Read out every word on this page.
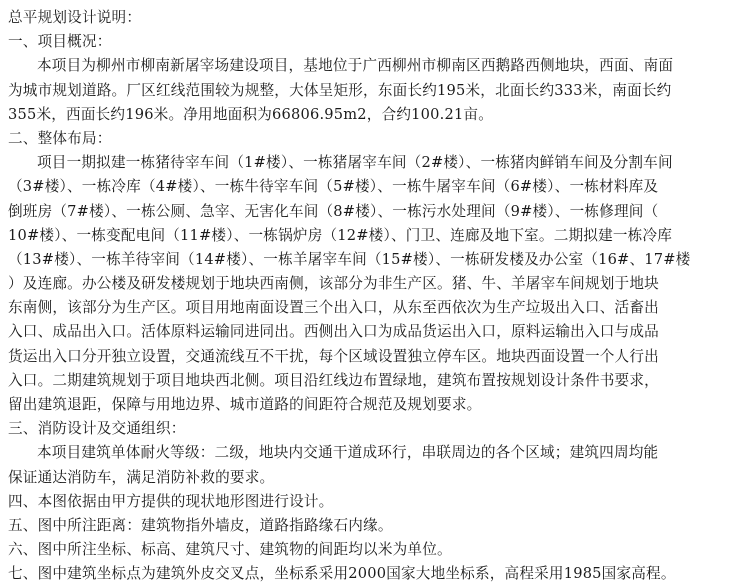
总平规划设计说明：
一、项目概况：
本项目为柳州市柳南新屠宰场建设项目，基地位于广西柳州市柳南区西鹅路西侧地块，西面、南面
为城市规划道路。厂区红线范围较为规整，大体呈矩形，东面长约195米，北面长约333米，南面长约
355米，西面长约196米。净用地面积为66806.95m2，合约100.21亩。
二、整体布局：
项目一期拟建一栋猪待宰车间（1#楼）、一栋猪屠宰车间（2#楼）、一栋猪肉鲜销车间及分割车间
（3#楼）、一栋冷库（4#楼）、一栋牛待宰车间（5#楼）、一栋牛屠宰车间（6#楼）、一栋材料库及
倒班房（7#楼）、一栋公厕、急宰、无害化车间（8#楼）、一栋污水处理间（9#楼）、一栋修理间（
10#楼）、一栋变配电间（11#楼）、一栋锅炉房（12#楼）、门卫、连廊及地下室。二期拟建一栋冷库
（13#楼）、一栋羊待宰间（14#楼）、一栋羊屠宰车间（15#楼）、一栋研发楼及办公室（16#、17#楼
）及连廊。办公楼及研发楼规划于地块西南侧，该部分为非生产区。猪、牛、羊屠宰车间规划于地块
东南侧，该部分为生产区。项目用地南面设置三个出入口，从东至西依次为生产垃圾出入口、活畜出
入口、成品出入口。活体原料运输同进同出。西侧出入口为成品货运出入口，原料运输出入口与成品
货运出入口分开独立设置，交通流线互不干扰，每个区域设置独立停车区。地块西面设置一个人行出
入口。二期建筑规划于项目地块西北侧。项目沿红线边布置绿地，建筑布置按规划设计条件书要求，
留出建筑退距，保障与用地边界、城市道路的间距符合规范及规划要求。
三、消防设计及交通组织：
本项目建筑单体耐火等级：二级，地块内交通干道成环行，串联周边的各个区域；建筑四周均能
保证通达消防车，满足消防补救的要求。
四、本图依据由甲方提供的现状地形图进行设计。
五、图中所注距离：建筑物指外墙皮，道路指路缘石内缘。
六、图中所注坐标、标高、建筑尺寸、建筑物的间距均以米为单位。
七、图中建筑坐标点为建筑外皮交叉点，坐标系采用2000国家大地坐标系，高程采用1985国家高程。
